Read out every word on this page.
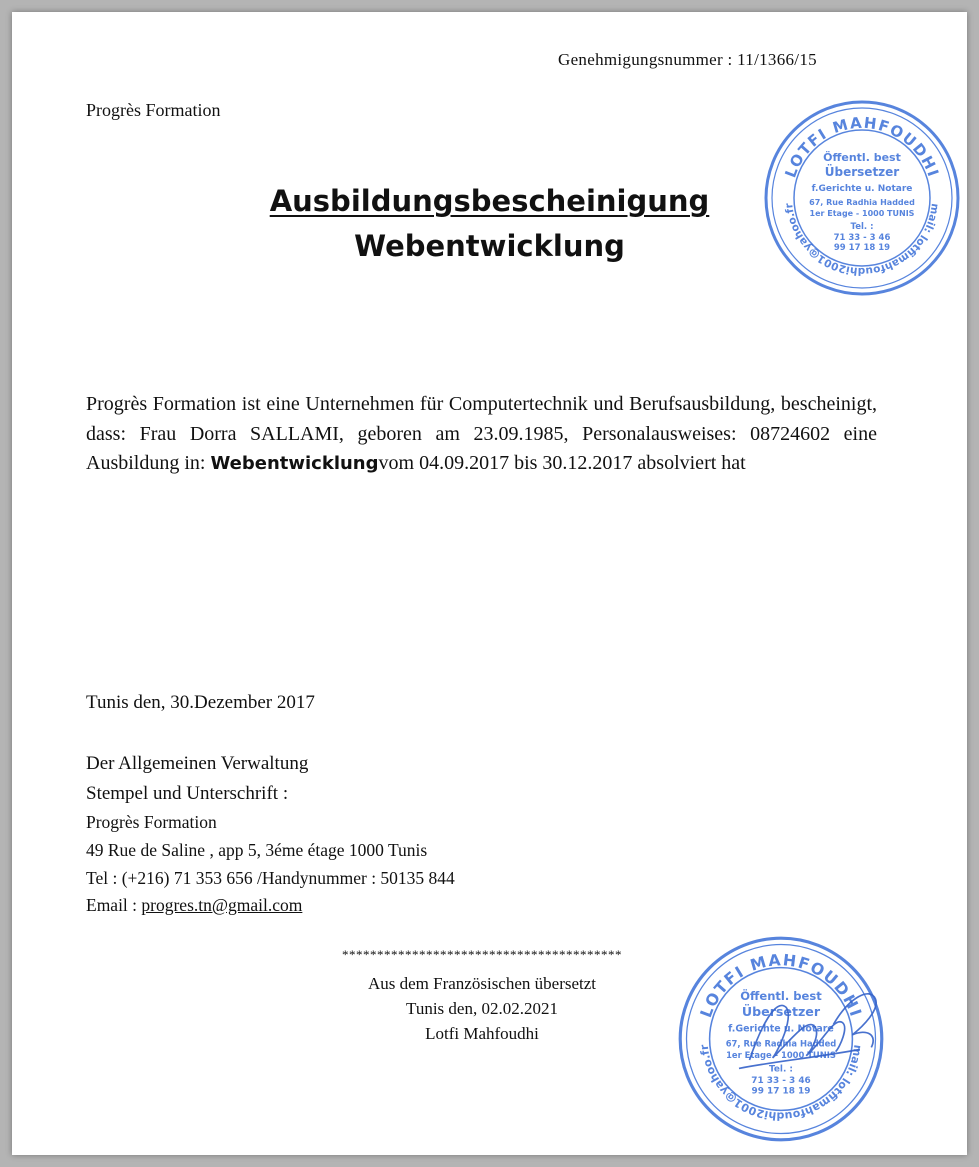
Genehmigungsnummer : 11/1366/15
Progrès Formation
LOTFI MAHFOUDHI
mail: lotfimahfoudhi2001@yahoo.fr
Öffentl. best
Übersetzer
f.Gerichte u. Notare
67, Rue Radhia Hadded
1er Etage - 1000 TUNIS
Tel. :
71 33 - 3 46
99 17 18 19
Ausbildungsbescheinigung
Webentwicklung
Progrès Formation ist eine Unternehmen für Computertechnik und Berufsausbildung, bescheinigt, dass: Frau Dorra SALLAMI, geboren am 23.09.1985, Personalausweises: 08724602 eine Ausbildung in: Webentwicklungvom 04.09.2017 bis 30.12.2017 absolviert hat
Tunis den, 30.Dezember 2017
Der Allgemeinen Verwaltung
Stempel und Unterschrift :
Progrès Formation
49 Rue de Saline , app 5, 3éme étage 1000 Tunis
Tel : (+216) 71 353 656 /Handynummer : 50135 844
Email : progres.tn@gmail.com
****************************************
Aus dem Französischen übersetzt
Tunis den, 02.02.2021
Lotfi Mahfoudhi
LOTFI MAHFOUDHI
mail: lotfimahfoudhi2001@yahoo.fr
Öffentl. best
Übersetzer
f.Gerichte u. Notare
67, Rue Radhia Hadded
1er Etage - 1000 TUNIS
Tel. :
71 33 - 3 46
99 17 18 19
